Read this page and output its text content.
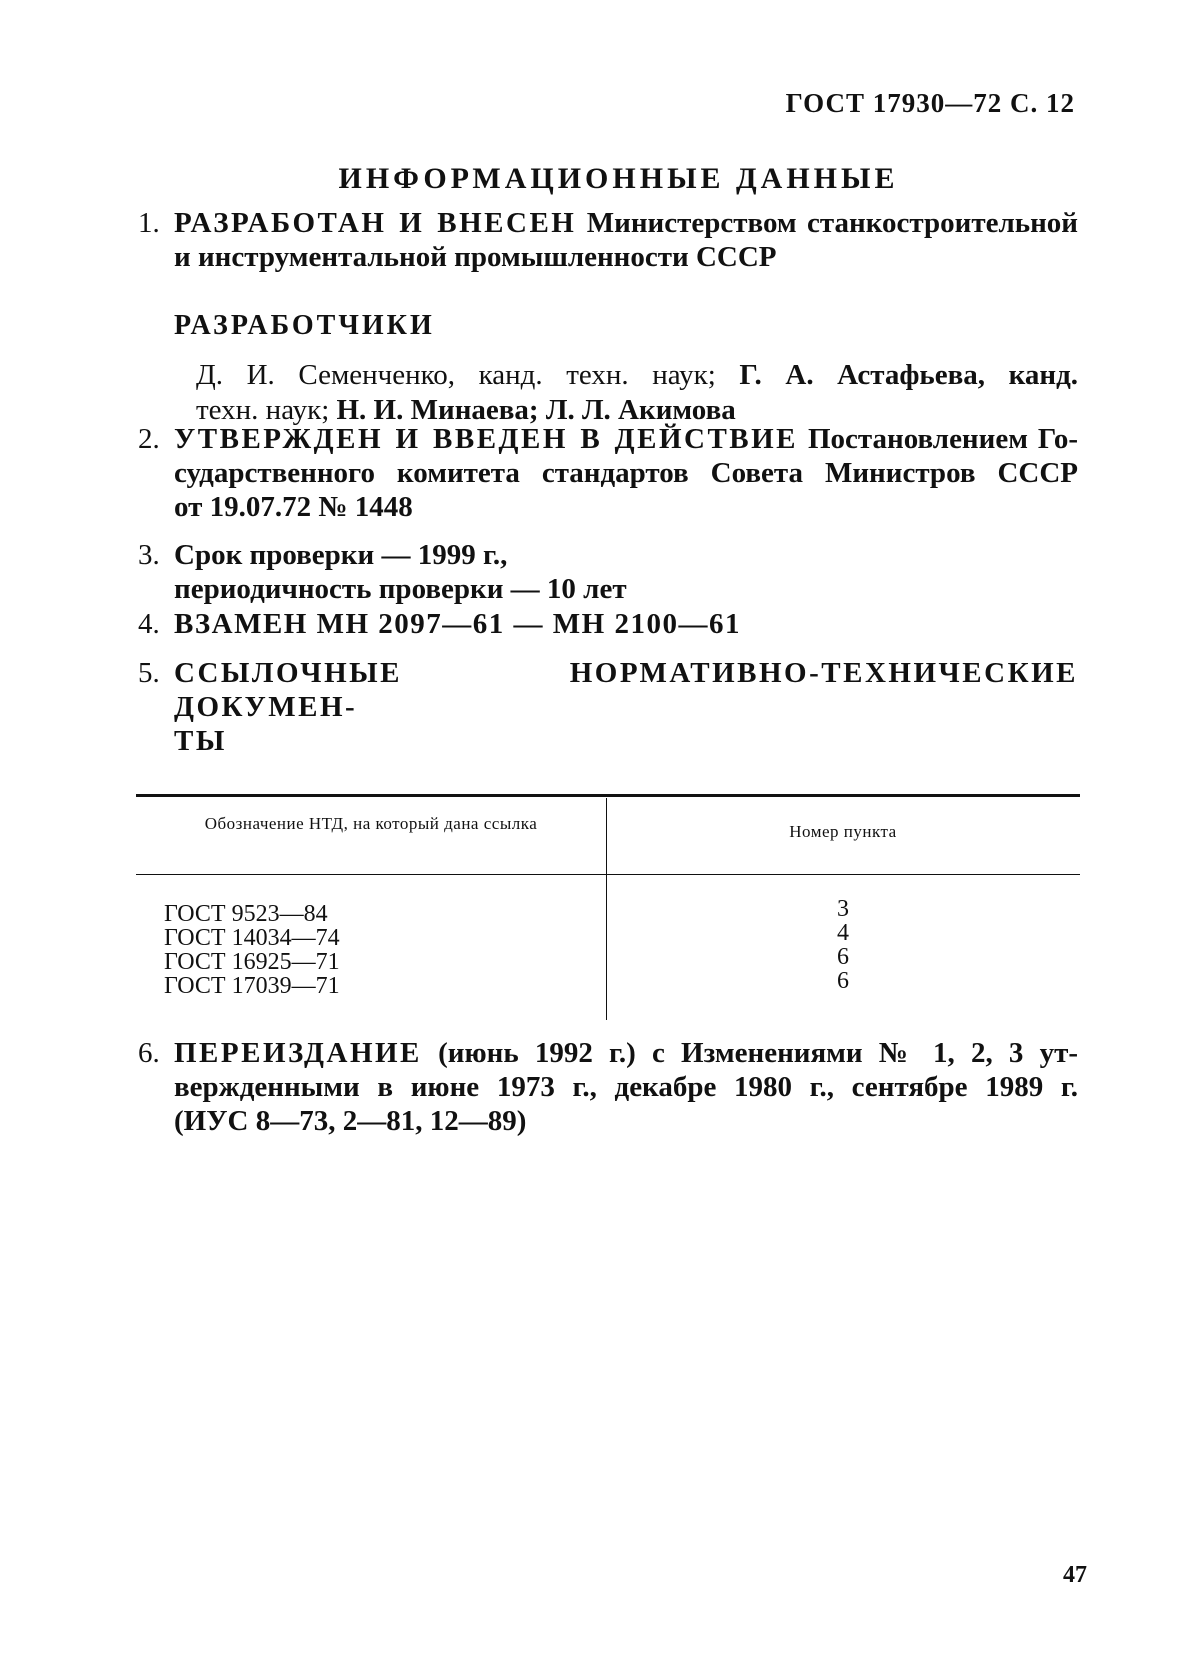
ГОСТ 17930—72 С. 12
ИНФОРМАЦИОННЫЕ ДАННЫЕ
1. РАЗРАБОТАН И ВНЕСЕН Министерством станкостроительной
и инструментальной промышленности СССР
РАЗРАБОТЧИКИ
Д. И. Семенченко, канд. техн. наук; Г. А. Астафьева, канд.
техн. наук; Н. И. Минаева; Л. Л. Акимова
2. УТВЕРЖДЕН И ВВЕДЕН В ДЕЙСТВИЕ Постановлением Го-
сударственного комитета стандартов Совета Министров СССР
от 19.07.72 № 1448
3. Срок проверки — 1999 г.,
периодичность проверки — 10 лет
4. ВЗАМЕН МН 2097—61 — МН 2100—61
5. ССЫЛОЧНЫЕ НОРМАТИВНО-ТЕХНИЧЕСКИЕ ДОКУМЕН-
ТЫ
Обозначение НТД, на который дана ссылка	Номер пункта
ГОСТ 9523—84
ГОСТ 14034—74
ГОСТ 16925—71
ГОСТ 17039—71
3
4
6
6
6. ПЕРЕИЗДАНИЕ (июнь 1992 г.) с Изменениями № 1, 2, 3 ут-
вержденными в июне 1973 г., декабре 1980 г., сентябре 1989 г.
(ИУС 8—73, 2—81, 12—89)
47
